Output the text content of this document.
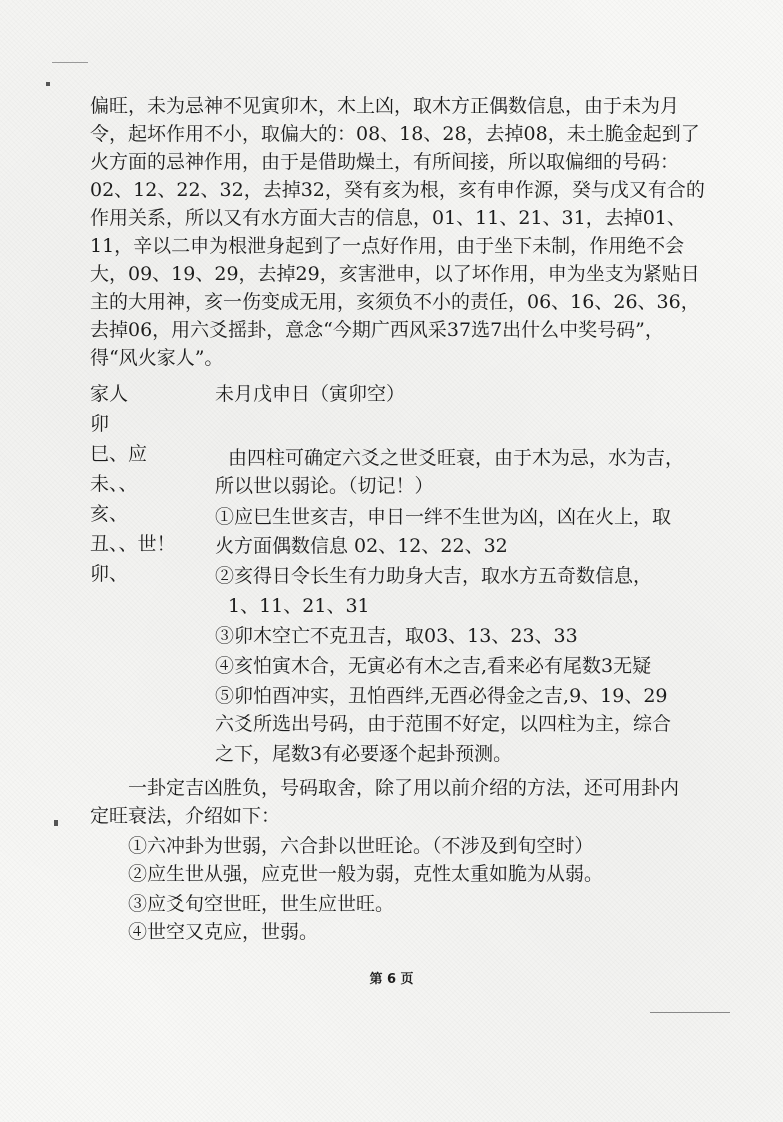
偏旺，未为忌神不见寅卯木，木上凶，取木方正偶数信息，由于未为月
令，起坏作用不小，取偏大的：08、18、28，去掉08，未土脆金起到了
火方面的忌神作用，由于是借助燥土，有所间接，所以取偏细的号码：
02、12、22、32，去掉32，癸有亥为根，亥有申作源，癸与戊又有合的
作用关系，所以又有水方面大吉的信息，01、11、21、31，去掉01、
11，辛以二申为根泄身起到了一点好作用，由于坐下未制，作用绝不会
大，09、19、29，去掉29，亥害泄申，以了坏作用，申为坐支为紧贴日
主的大用神，亥一伤变成无用，亥须负不小的责任，06、16、26、36，
去掉06，用六爻摇卦，意念“今期广西风采37选7出什么中奖号码”，
得“风火家人”。
家人	未月戊申日（寅卯空）
卯
巳、应
未、、
亥、
丑、、世！
卯、
由四柱可确定六爻之世爻旺衰，由于木为忌，水为吉，
所以世以弱论。（切记！）
①应巳生世亥吉，申日一绊不生世为凶，凶在火上，取
火方面偶数信息 02、12、22、32
②亥得日令长生有力助身大吉，取水方五奇数信息，
1、11、21、31
③卯木空亡不克丑吉，取03、13、23、33
④亥怕寅木合，无寅必有木之吉,看来必有尾数3无疑
⑤卯怕酉冲实，丑怕酉绊,无酉必得金之吉,9、19、29
六爻所选出号码，由于范围不好定，以四柱为主，综合
之下，尾数3有必要逐个起卦预测。
一卦定吉凶胜负，号码取舍，除了用以前介绍的方法，还可用卦内
定旺衰法，介绍如下：
①六冲卦为世弱，六合卦以世旺论。（不涉及到旬空时）
②应生世从强，应克世一般为弱，克性太重如脆为从弱。
③应爻旬空世旺，世生应世旺。
④世空又克应，世弱。
第 6 页
